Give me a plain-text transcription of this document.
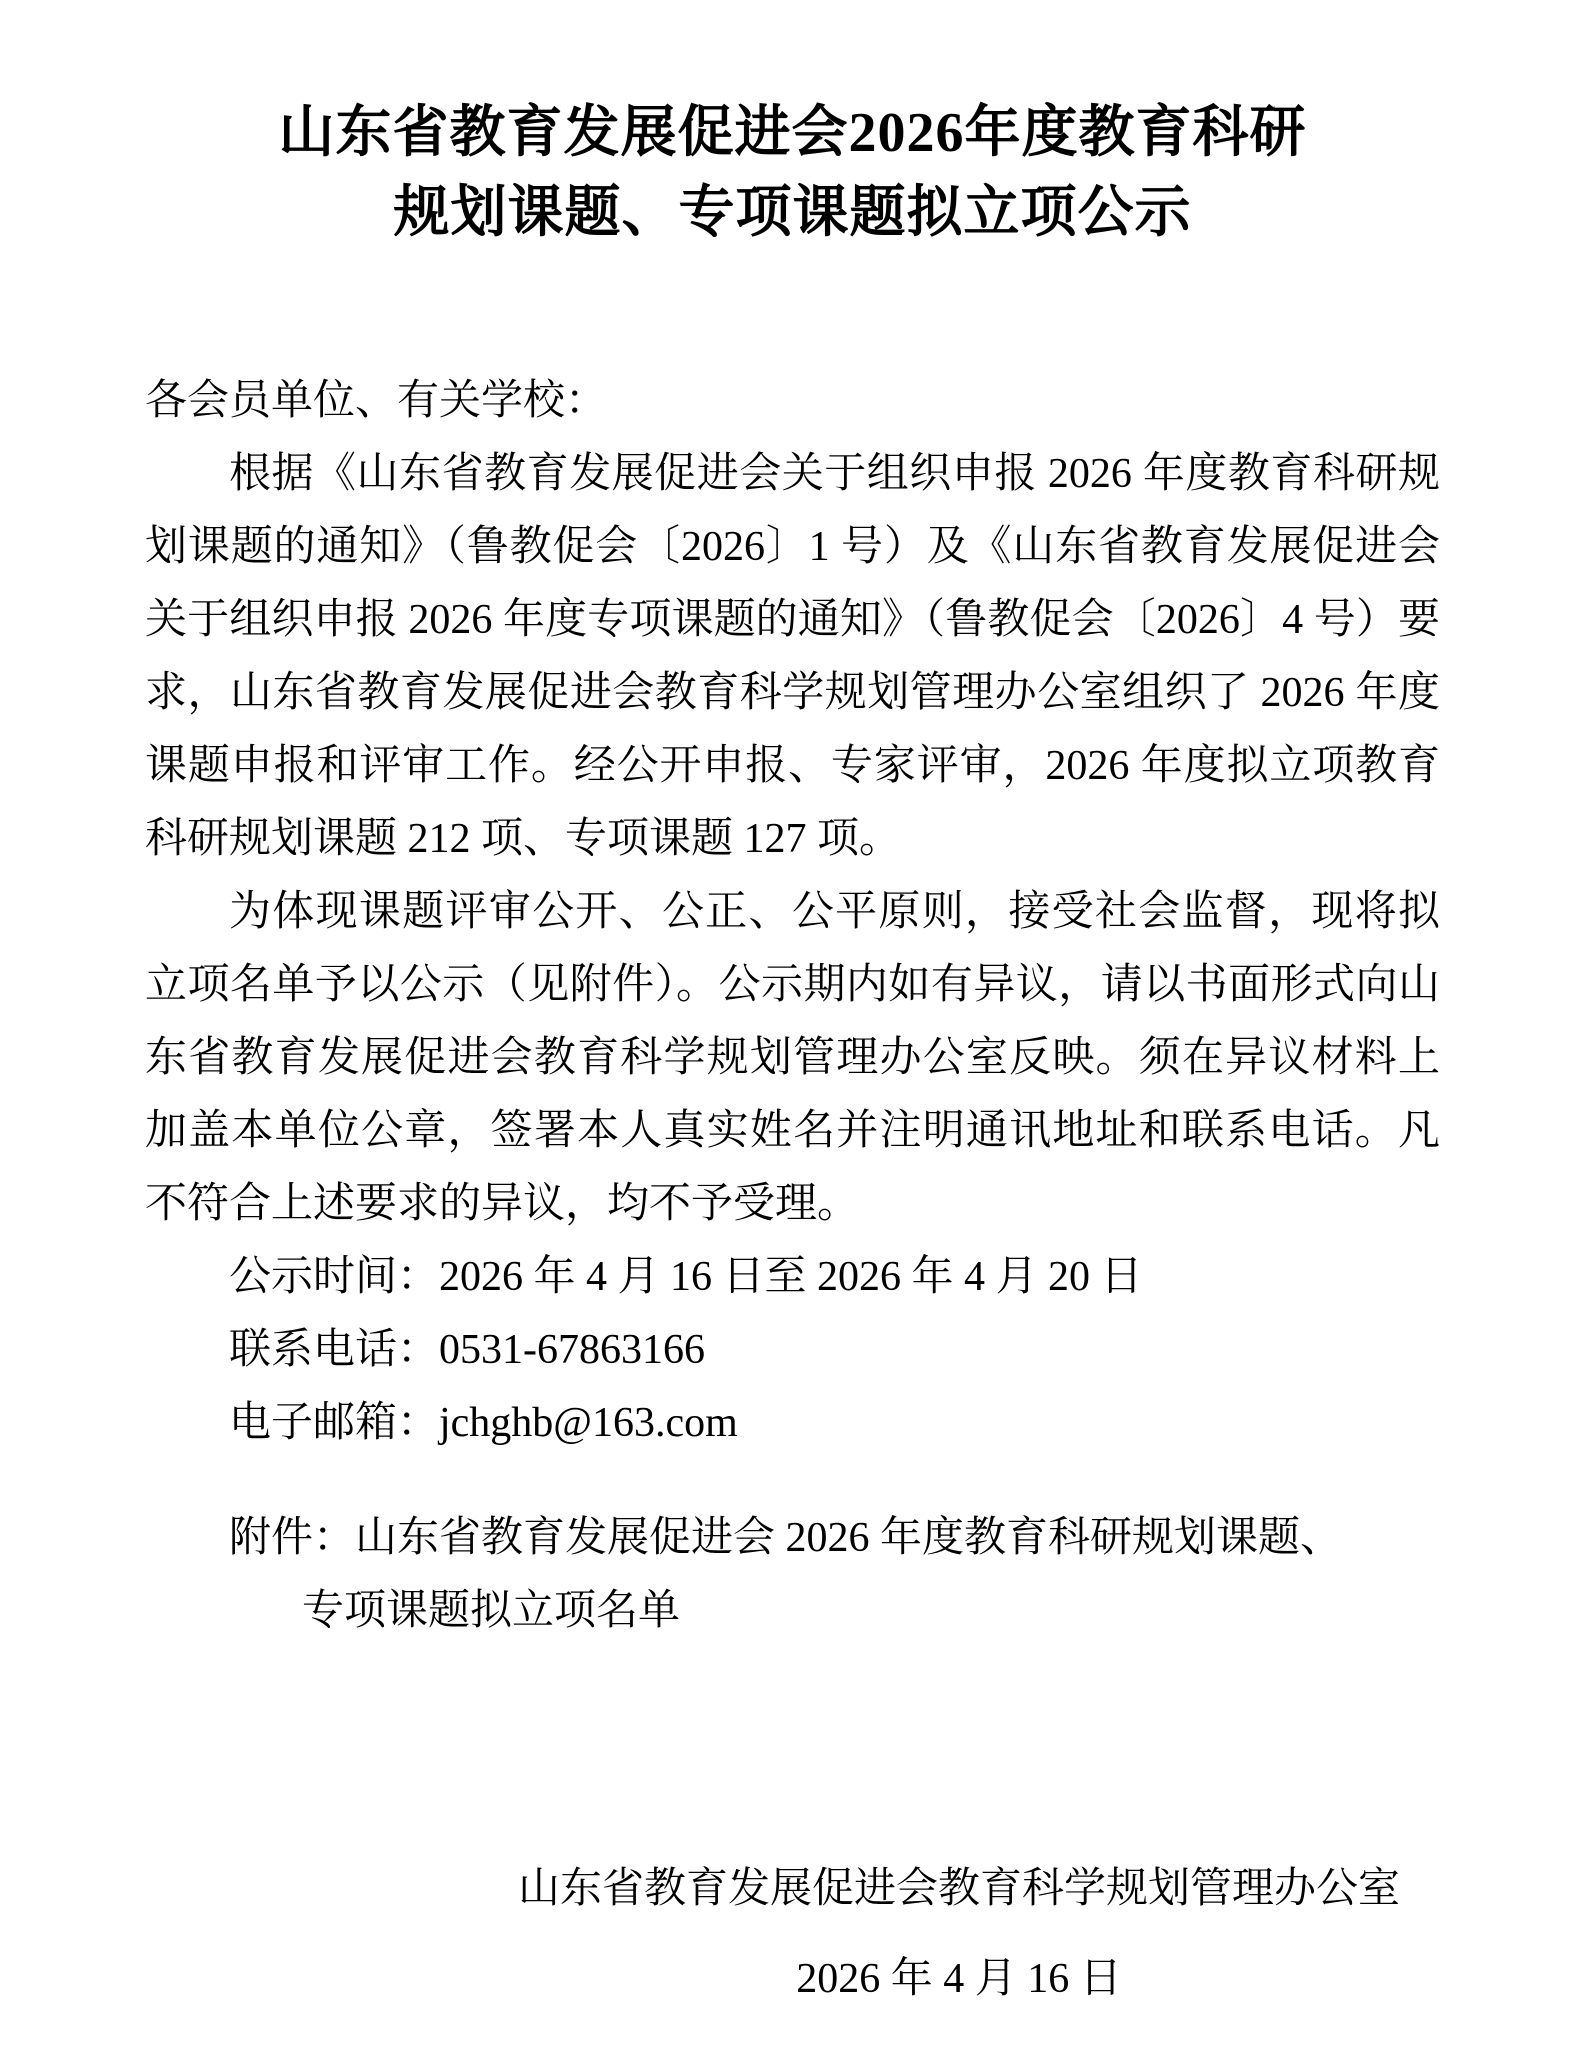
山东省教育发展促进会2026年度教育科研
规划课题、专项课题拟立项公示

各会员单位、有关学校：

根据《山东省教育发展促进会关于组织申报 2026 年度教育科研规划课题的通知》（鲁教促会〔2026〕1 号）及《山东省教育发展促进会关于组织申报 2026 年度专项课题的通知》（鲁教促会〔2026〕4 号）要求，山东省教育发展促进会教育科学规划管理办公室组织了 2026 年度课题申报和评审工作。经公开申报、专家评审，2026 年度拟立项教育科研规划课题 212 项、专项课题 127 项。

为体现课题评审公开、公正、公平原则，接受社会监督，现将拟立项名单予以公示（见附件）。公示期内如有异议，请以书面形式向山东省教育发展促进会教育科学规划管理办公室反映。须在异议材料上加盖本单位公章，签署本人真实姓名并注明通讯地址和联系电话。凡不符合上述要求的异议，均不予受理。

公示时间：2026 年 4 月 16 日至 2026 年 4 月 20 日

联系电话：0531-67863166

电子邮箱：jchghb@163.com

附件：山东省教育发展促进会 2026 年度教育科研规划课题、

专项课题拟立项名单

山东省教育发展促进会教育科学规划管理办公室
2026 年 4 月 16 日
